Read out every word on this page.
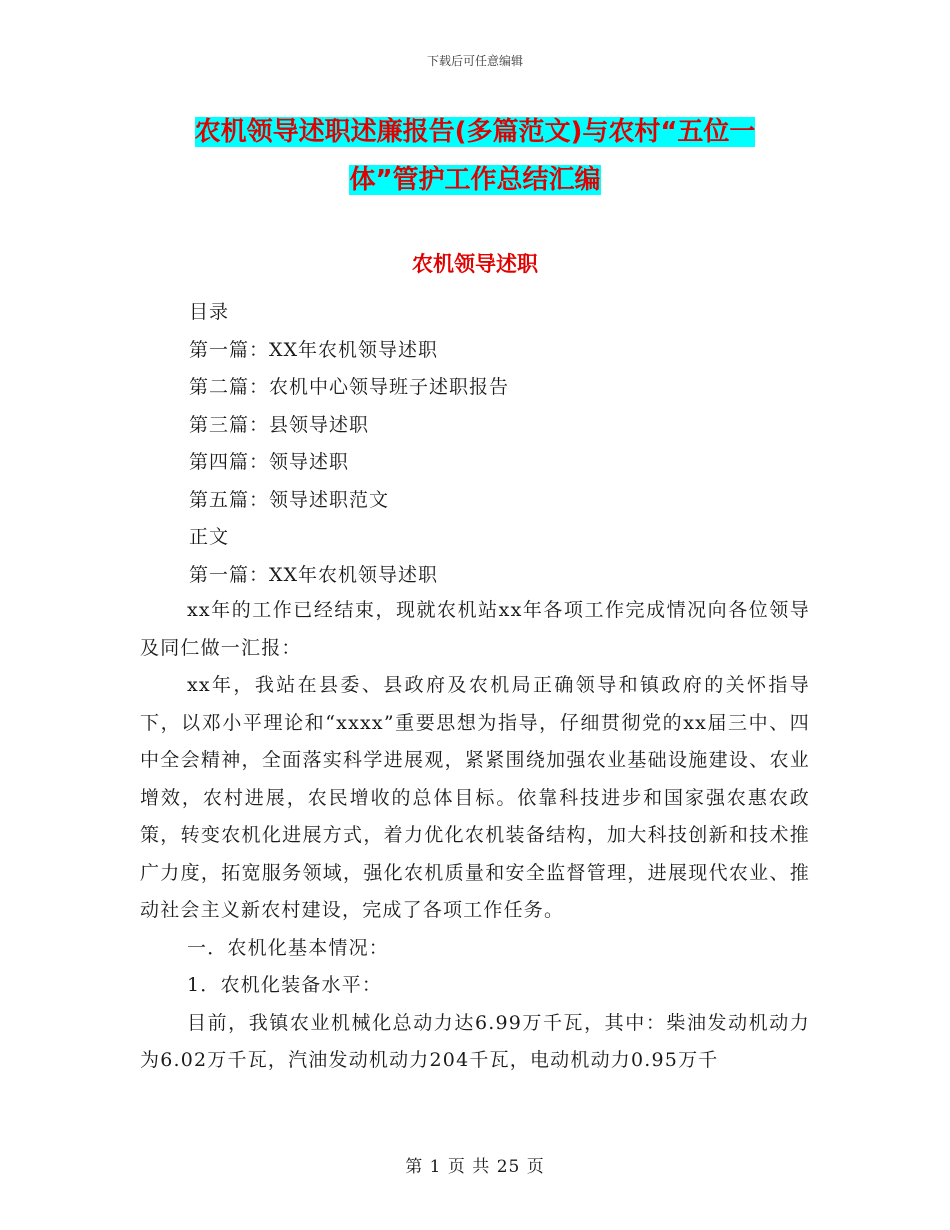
下载后可任意编辑
农机领导述职述廉报告(多篇范文)与农村“五位一
体”管护工作总结汇编
农机领导述职
目录
第一篇：XX年农机领导述职
第二篇：农机中心领导班子述职报告
第三篇：县领导述职
第四篇：领导述职
第五篇：领导述职范文
正文
第一篇：XX年农机领导述职

xx年的工作已经结束，现就农机站xx年各项工作完成情况向各位领导及同仁做一汇报：

xx年，我站在县委、县政府及农机局正确领导和镇政府的关怀指导下，以邓小平理论和“xxxx”重要思想为指导，仔细贯彻党的xx届三中、四中全会精神，全面落实科学进展观，紧紧围绕加强农业基础设施建设、农业增效，农村进展，农民增收的总体目标。依靠科技进步和国家强农惠农政策，转变农机化进展方式，着力优化农机装备结构，加大科技创新和技术推广力度，拓宽服务领域，强化农机质量和安全监督管理，进展现代农业、推动社会主义新农村建设，完成了各项工作任务。

一．农机化基本情况：

1．农机化装备水平：

目前，我镇农业机械化总动力达6.99万千瓦，其中：柴油发动机动力为6.02万千瓦，汽油发动机动力204千瓦，电动机动力0.95万千

第 1 页 共 25 页
